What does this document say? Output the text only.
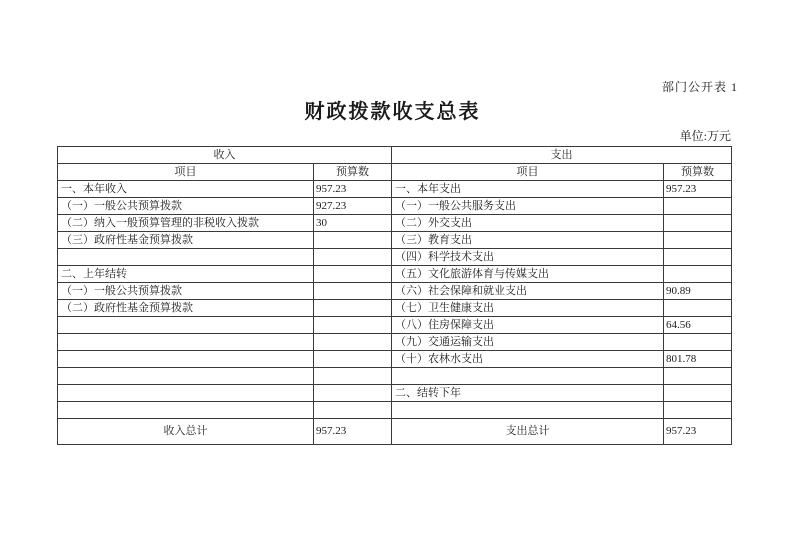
部门公开表 1
财政拨款收支总表
单位:万元
收入		支出	
项目	预算数	项目	预算数
一、本年收入	957.23	一、本年支出	957.23
（一）一般公共预算拨款	927.23	（一）一般公共服务支出	
（二）纳入一般预算管理的非税收入拨款	30	（二）外交支出	
（三）政府性基金预算拨款		（三）教育支出	
		（四）科学技术支出	
二、上年结转		（五）文化旅游体育与传媒支出	
（一）一般公共预算拨款		（六）社会保障和就业支出	90.89
（二）政府性基金预算拨款		（七）卫生健康支出	
		（八）住房保障支出	64.56
		（九）交通运输支出	
		（十）农林水支出	801.78

		二、结转下年	

收入总计	957.23	支出总计	957.23
